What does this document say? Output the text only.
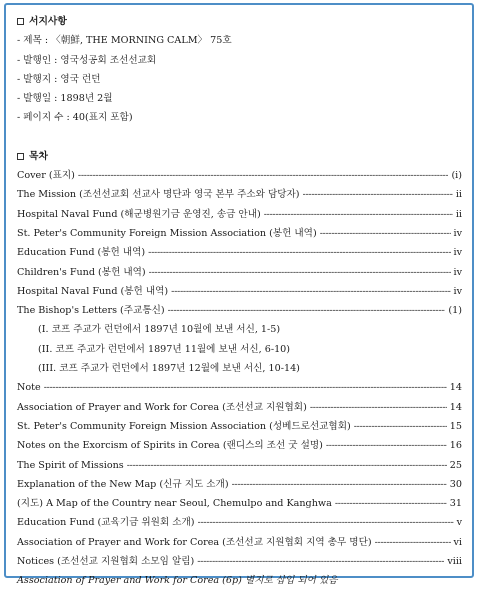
서지사항
- 제목 : 〈朝鮮, THE MORNING CALM〉 75호
- 발행인 : 영국성공회 조선선교회
- 발행지 : 영국 런던
- 발행일 : 1898년 2월
- 페이지 수 : 40(표지 포함)
목차
Cover (표지) -----	(i)
The Mission (조선선교회 선교사 명단과 영국 본부 주소와 담당자) -----	ii
Hospital Naval Fund (해군병원기금 운영진, 송금 안내) -----	ii
St. Peter's Community Foreign Mission Association (봉헌 내역) -----	iv
Education Fund (봉헌 내역) -----	iv
Children's Fund (봉헌 내역) -----	iv
Hospital Naval Fund (봉헌 내역) -----	iv
The Bishop's Letters (주교통신) -----	(1)
(I. 코프 주교가 런던에서 1897년 10월에 보낸 서신, 1-5)
(II. 코프 주교가 런던에서 1897년 11월에 보낸 서신, 6-10)
(III. 코프 주교가 런던에서 1897년 12월에 보낸 서신, 10-14)
Note -----	14
Association of Prayer and Work for Corea (조선선교 지원협회) -----	14
St. Peter's Community Foreign Mission Association (성베드로선교협회) -----	15
Notes on the Exorcism of Spirits in Corea (랜디스의 조선 굿 설명) -----	16
The Spirit of Missions -----	25
Explanation of the New Map (신규 지도 소개) -----	30
(지도) A Map of the Country near Seoul, Chemulpo and Kanghwa -----	31
Education Fund (교육기금 위원회 소개) -----	v
Association of Prayer and Work for Corea (조선선교 지원협회 지역 총무 명단) -----	vi
Notices (조선선교 지원협회 소모임 알림) -----	viii
Association of Prayer and Work for Corea (6p) 별지로 삽입 되어 있음
